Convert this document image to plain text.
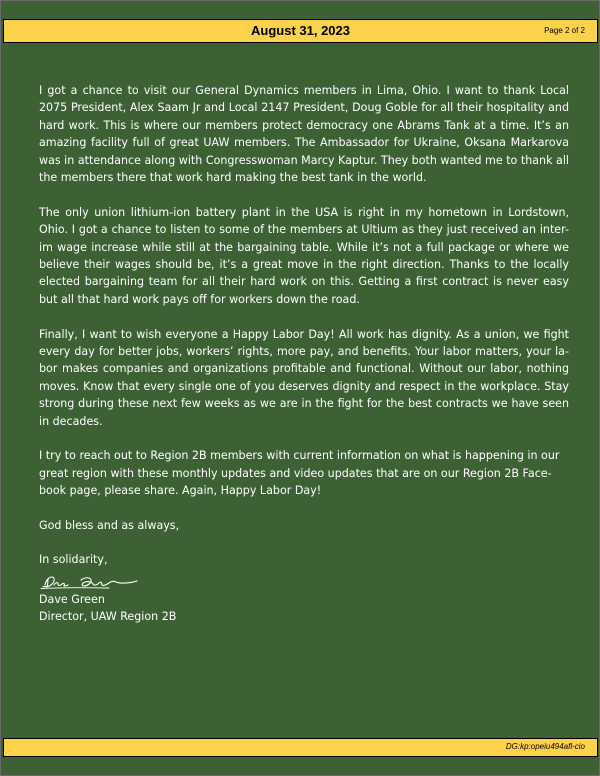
August 31, 2023	Page 2 of 2

I got a chance to visit our General Dynamics members in Lima, Ohio. I want to thank Local 2075 President, Alex Saam Jr and Local 2147 President, Doug Goble for all their hospitality and hard work. This is where our members protect democracy one Abrams Tank at a time. It’s an amazing facility full of great UAW members. The Ambassador for Ukraine, Oksana Markarova was in attendance along with Congresswoman Marcy Kaptur. They both wanted me to thank all the members there that work hard making the best tank in the world.

The only union lithium-ion battery plant in the USA is right in my hometown in Lordstown, Ohio. I got a chance to listen to some of the members at Ultium as they just received an inter-im wage increase while still at the bargaining table. While it’s not a full package or where we believe their wages should be, it’s a great move in the right direction. Thanks to the locally elected bargaining team for all their hard work on this. Getting a first contract is never easy but all that hard work pays off for workers down the road.

Finally, I want to wish everyone a Happy Labor Day! All work has dignity. As a union, we fight every day for better jobs, workers’ rights, more pay, and benefits. Your labor matters, your la-bor makes companies and organizations profitable and functional. Without our labor, nothing moves. Know that every single one of you deserves dignity and respect in the workplace. Stay strong during these next few weeks as we are in the fight for the best contracts we have seen in decades.

I try to reach out to Region 2B members with current information on what is happening in our great region with these monthly updates and video updates that are on our Region 2B Face-book page, please share. Again, Happy Labor Day!

God bless and as always,

In solidarity,

Dave Green

Director, UAW Region 2B

DG:kp:opeiu494afl-cio
